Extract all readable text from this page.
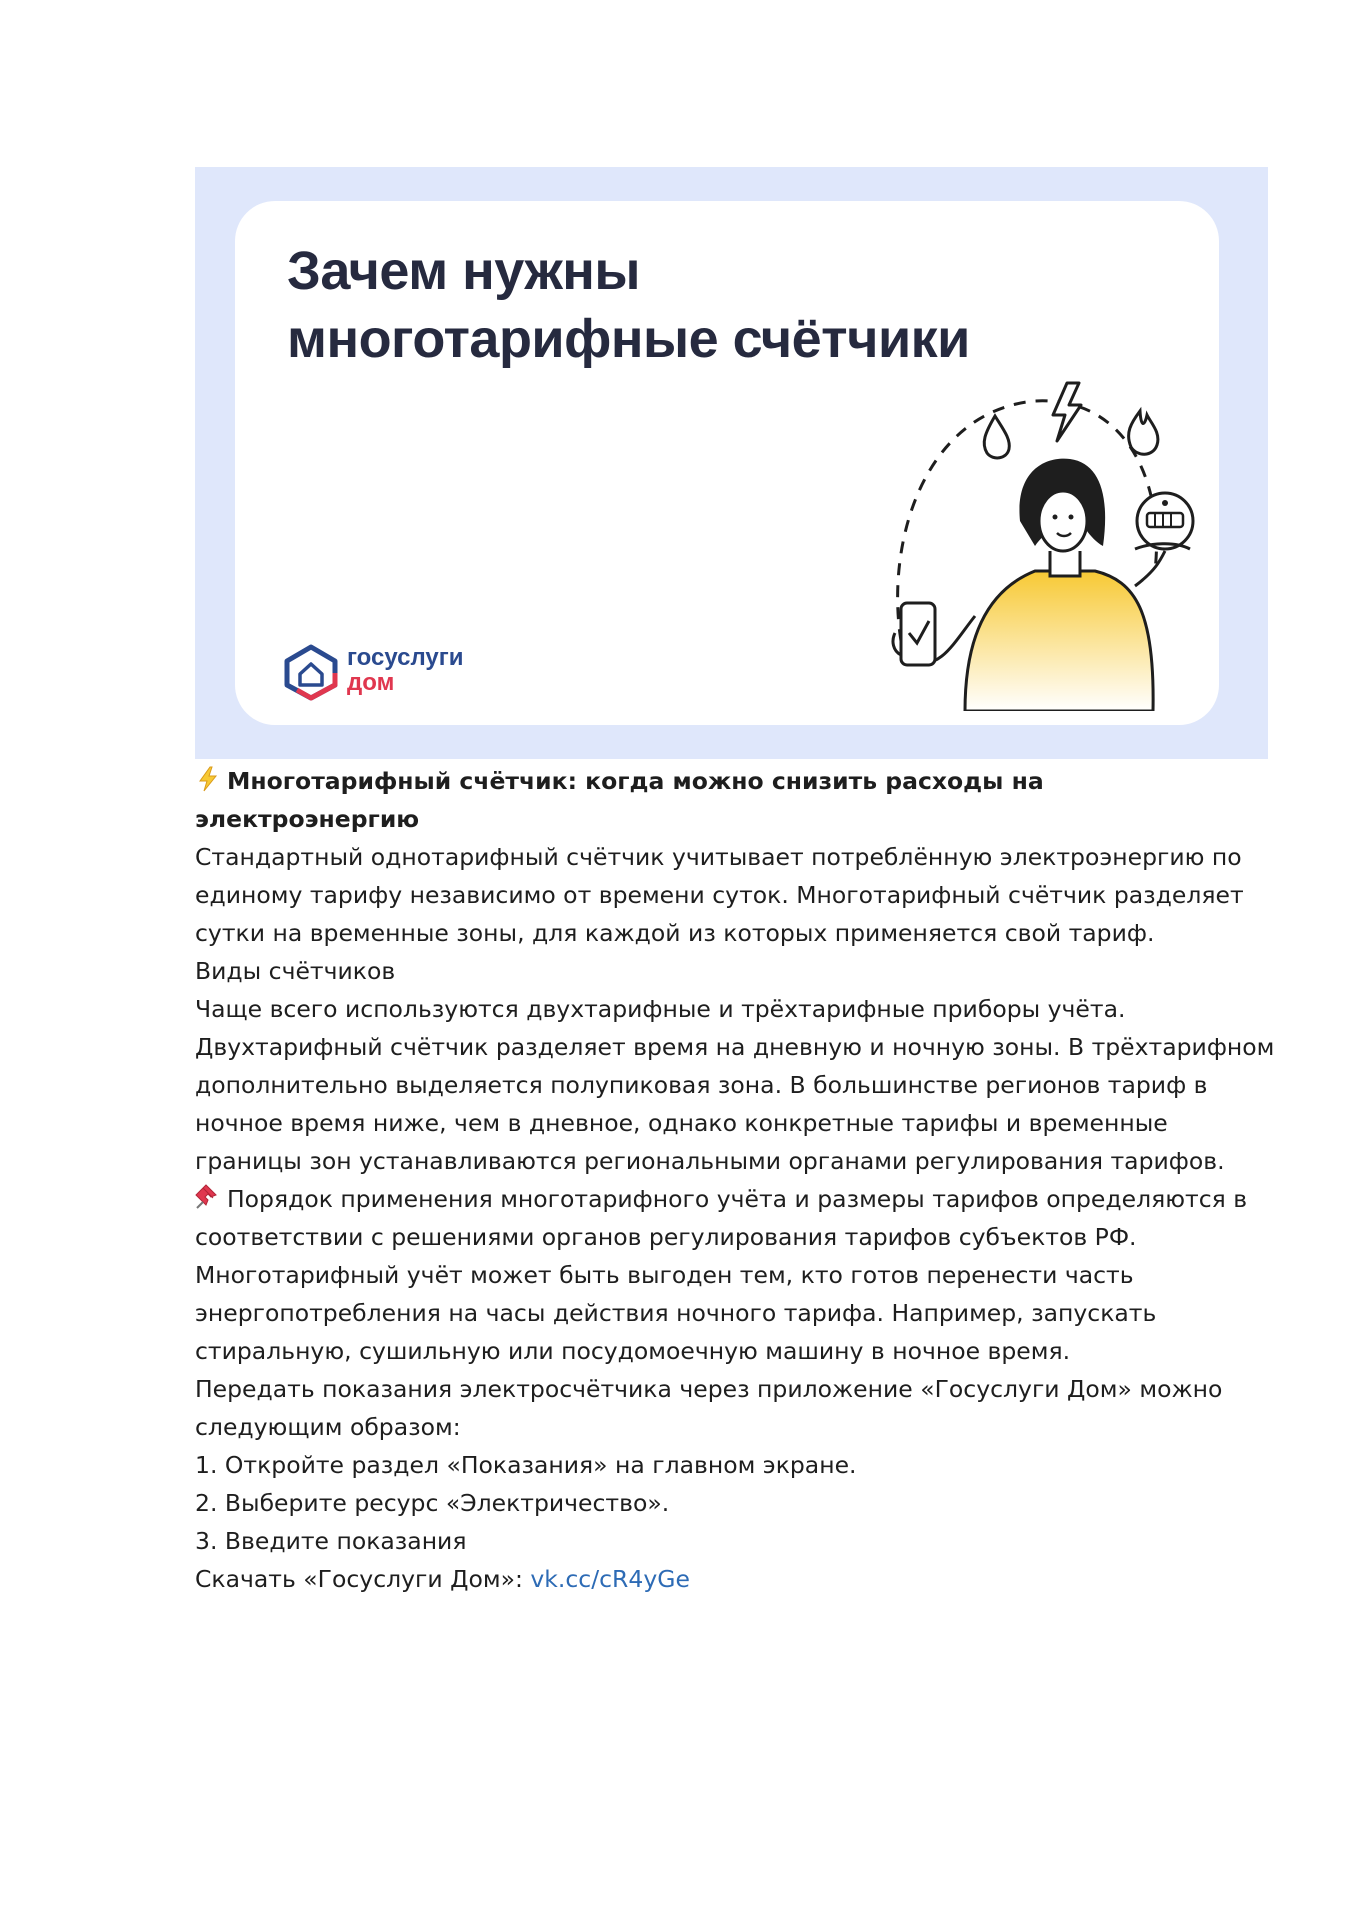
Зачем нужны
многотарифные счётчики
госуслуги
дом

Многотарифный счётчик: когда можно снизить расходы на электроэнергию

Стандартный однотарифный счётчик учитывает потреблённую электроэнергию по единому тарифу независимо от времени суток. Многотарифный счётчик разделяет сутки на временные зоны, для каждой из которых применяется свой тариф.

Виды счётчиков

Чаще всего используются двухтарифные и трёхтарифные приборы учёта. Двухтарифный счётчик разделяет время на дневную и ночную зоны. В трёхтарифном дополнительно выделяется полупиковая зона. В большинстве регионов тариф в ночное время ниже, чем в дневное, однако конкретные тарифы и временные границы зон устанавливаются региональными органами регулирования тарифов.

Порядок применения многотарифного учёта и размеры тарифов определяются в соответствии с решениями органов регулирования тарифов субъектов РФ.

Многотарифный учёт может быть выгоден тем, кто готов перенести часть энергопотребления на часы действия ночного тарифа. Например, запускать стиральную, сушильную или посудомоечную машину в ночное время.

Передать показания электросчётчика через приложение «Госуслуги Дом» можно следующим образом:

1. Откройте раздел «Показания» на главном экране.

2. Выберите ресурс «Электричество».

3. Введите показания

Скачать «Госуслуги Дом»: vk.cc/cR4yGe
